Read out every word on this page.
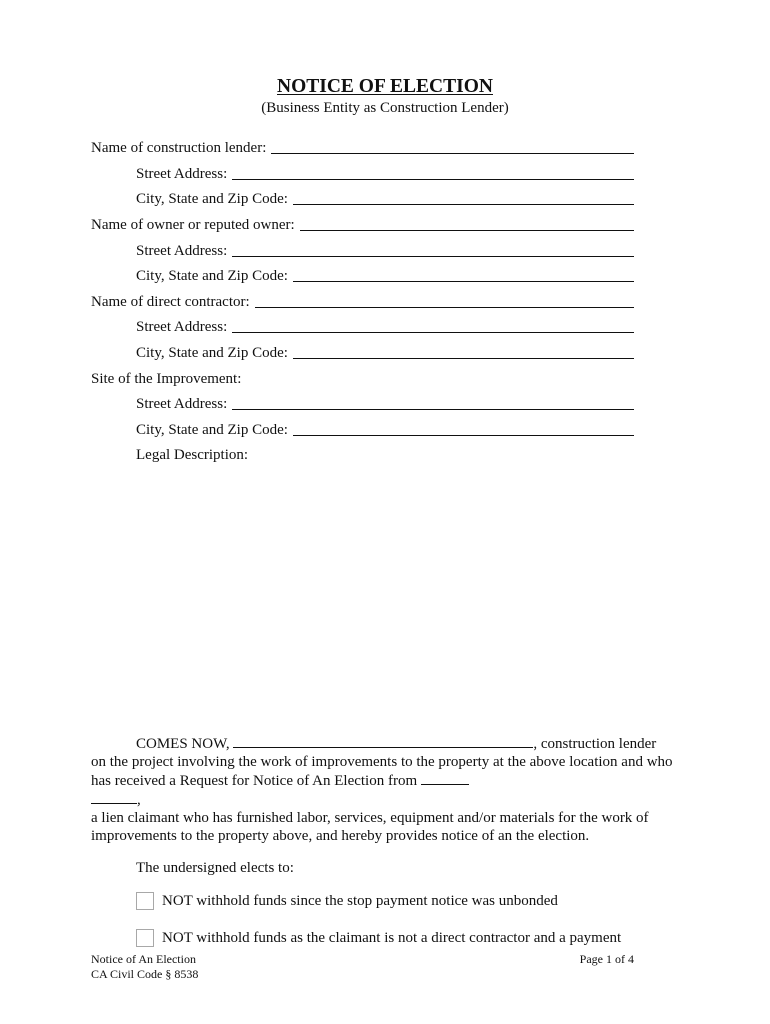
NOTICE OF ELECTION
(Business Entity as Construction Lender)
Name of construction lender:
Street Address:
City, State and Zip Code:
Name of owner or reputed owner:
Street Address:
City, State and Zip Code:
Name of direct contractor:
Street Address:
City, State and Zip Code:
Site of the Improvement:
Street Address:
City, State and Zip Code:
Legal Description:
COMES NOW,	, construction lender
on the project involving the work of improvements to the property at the above location and who
has received a Request for Notice of An Election from
,
a lien claimant who has furnished labor, services, equipment and/or materials for the work of
improvements to the property above, and hereby provides notice of an the election.
The undersigned elects to:
NOT withhold funds since the stop payment notice was unbonded
NOT withhold funds as the claimant is not a direct contractor and a payment
Notice of An Election
CA Civil Code § 8538
Page 1 of 4
